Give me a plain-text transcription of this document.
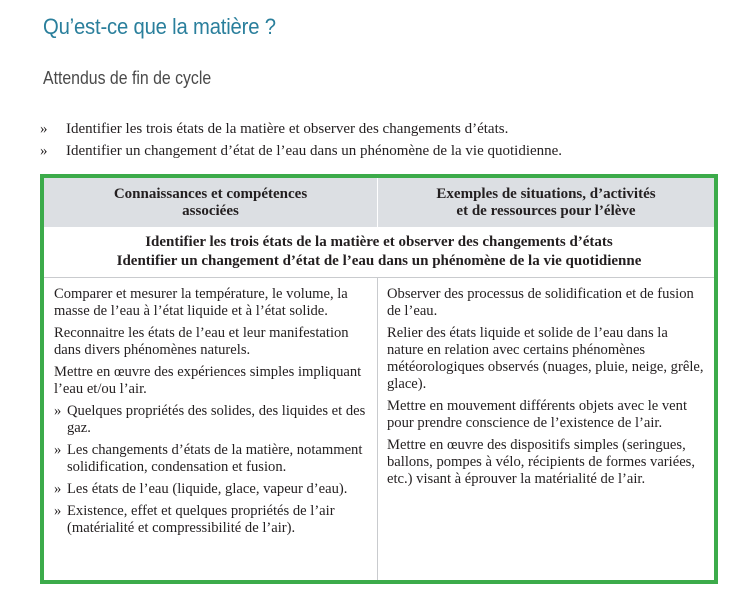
Qu’est-ce que la matière ?
Attendus de fin de cycle
» Identifier les trois états de la matière et observer des changements d’états.
» Identifier un changement d’état de l’eau dans un phénomène de la vie quotidienne.
Connaissances et compétences
associées
Exemples de situations, d’activités
et de ressources pour l’élève
Identifier les trois états de la matière et observer des changements d’états
Identifier un changement d’état de l’eau dans un phénomène de la vie quotidienne

Comparer et mesurer la température, le volume, la masse de l’eau à l’état liquide et à l’état solide.

Reconnaitre les états de l’eau et leur manifestation dans divers phénomènes naturels.

Mettre en œuvre des expériences simples impliquant l’eau et/ou l’air.

» Quelques propriétés des solides, des liquides et des gaz.
» Les changements d’états de la matière, notamment solidification, condensation et fusion.
» Les états de l’eau (liquide, glace, vapeur d’eau).
» Existence, effet et quelques propriétés de l’air (matérialité et compressibilité de l’air).

Observer des processus de solidification et de fusion de l’eau.

Relier des états liquide et solide de l’eau dans la nature en relation avec certains phénomènes météorologiques observés (nuages, pluie, neige, grêle, glace).

Mettre en mouvement différents objets avec le vent pour prendre conscience de l’existence de l’air.

Mettre en œuvre des dispositifs simples (seringues, ballons, pompes à vélo, récipients de formes variées, etc.) visant à éprouver la matérialité de l’air.
